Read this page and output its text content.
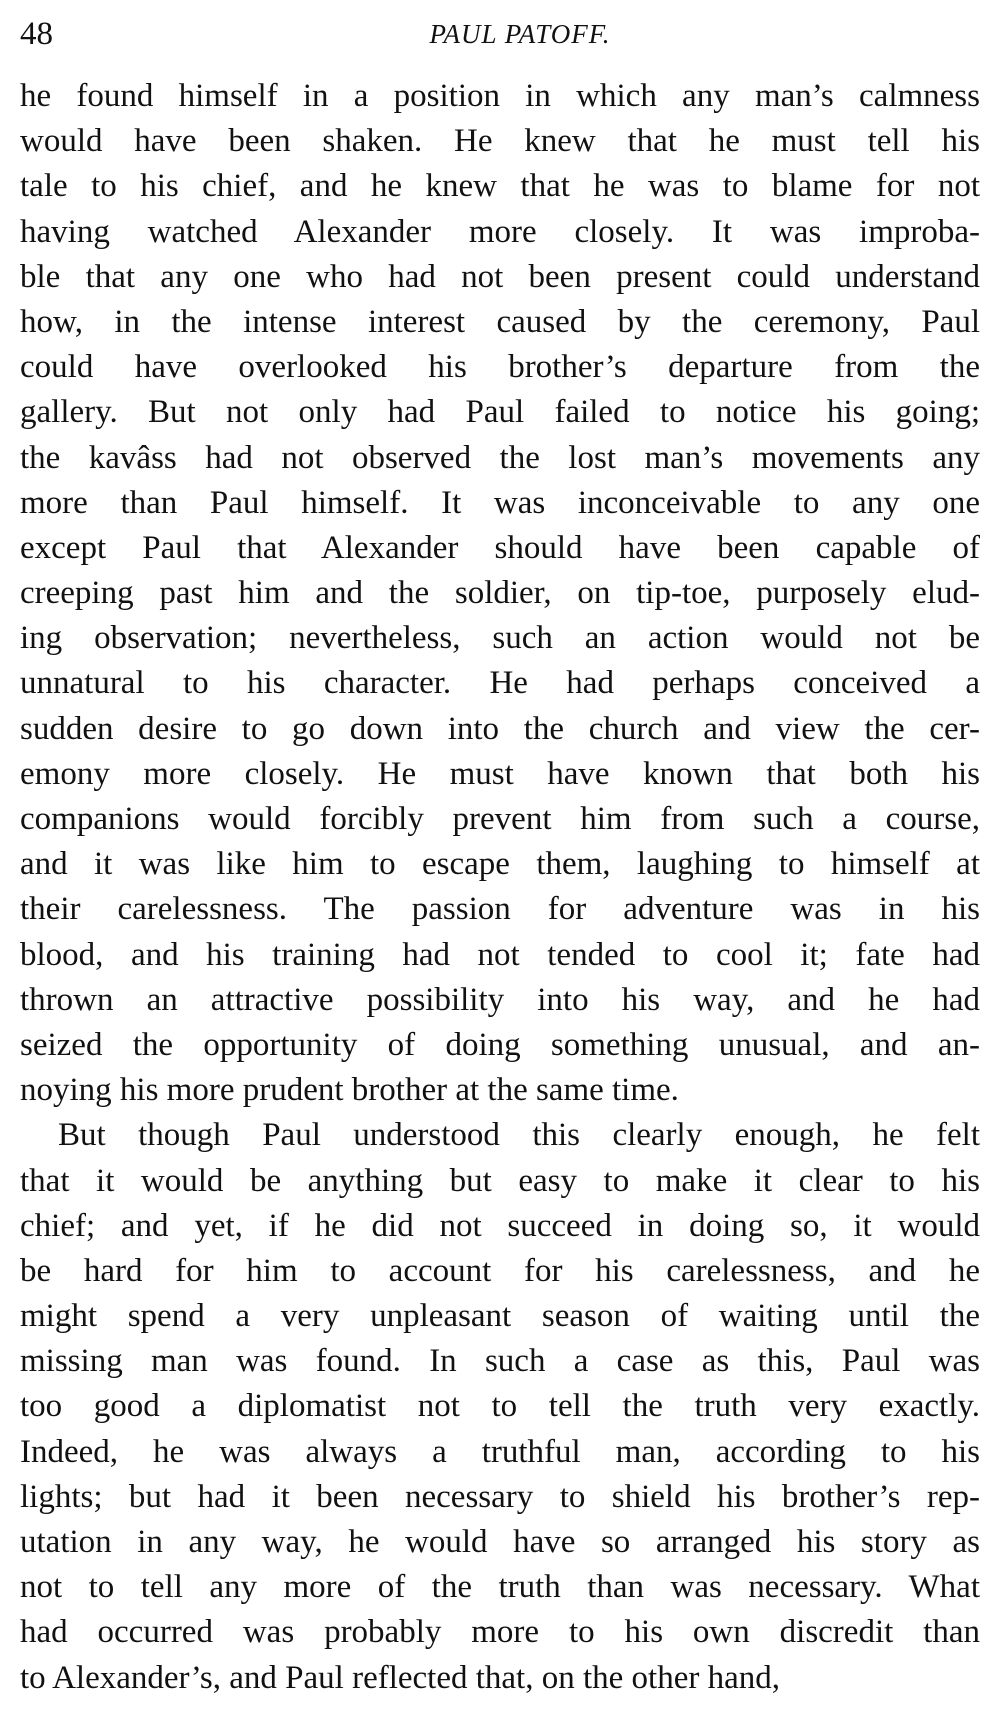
48	PAUL PATOFF.
he found himself in a position in which any man’s calmness
would have been shaken. He knew that he must tell his
tale to his chief, and he knew that he was to blame for not
having watched Alexander more closely. It was improba-
ble that any one who had not been present could understand
how, in the intense interest caused by the ceremony, Paul
could have overlooked his brother’s departure from the
gallery. But not only had Paul failed to notice his going;
the kavâss had not observed the lost man’s movements any
more than Paul himself. It was inconceivable to any one
except Paul that Alexander should have been capable of
creeping past him and the soldier, on tip-toe, purposely elud-
ing observation; nevertheless, such an action would not be
unnatural to his character. He had perhaps conceived a
sudden desire to go down into the church and view the cer-
emony more closely. He must have known that both his
companions would forcibly prevent him from such a course,
and it was like him to escape them, laughing to himself at
their carelessness. The passion for adventure was in his
blood, and his training had not tended to cool it; fate had
thrown an attractive possibility into his way, and he had
seized the opportunity of doing something unusual, and an-
noying his more prudent brother at the same time.
But though Paul understood this clearly enough, he felt
that it would be anything but easy to make it clear to his
chief; and yet, if he did not succeed in doing so, it would
be hard for him to account for his carelessness, and he
might spend a very unpleasant season of waiting until the
missing man was found. In such a case as this, Paul was
too good a diplomatist not to tell the truth very exactly.
Indeed, he was always a truthful man, according to his
lights; but had it been necessary to shield his brother’s rep-
utation in any way, he would have so arranged his story as
not to tell any more of the truth than was necessary. What
had occurred was probably more to his own discredit than
to Alexander’s, and Paul reflected that, on the other hand,
